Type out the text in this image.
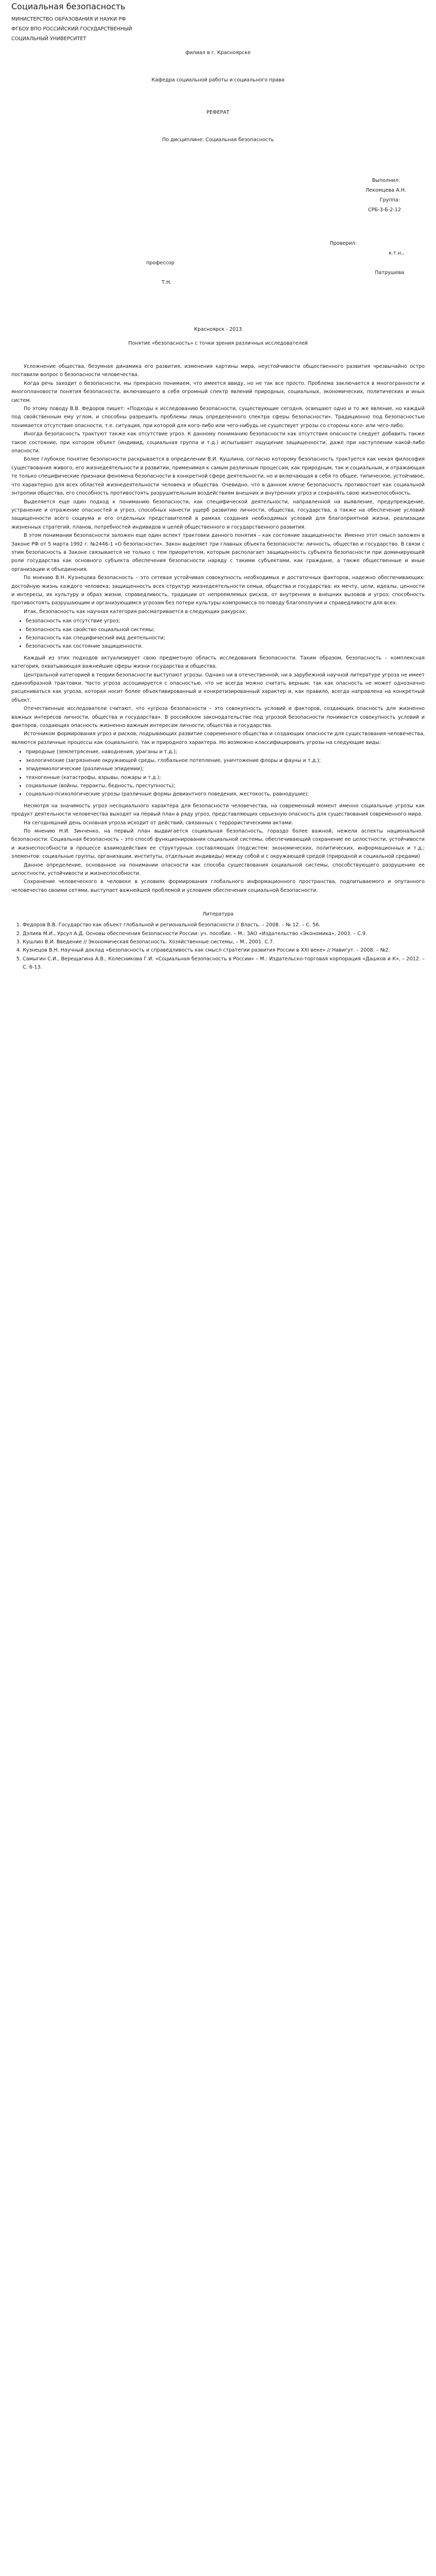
Социальная безопасность
МИНИСТЕРСТВО ОБРАЗОВАНИЯ И НАУКИ РФ
ФГБОУ ВПО РОССИЙСКИЙ ГОСУДАРСТВЕННЫЙ
СОЦИАЛЬНЫЙ УНИВЕРСИТЕТ
филиал в г. Красноярске
Кафедра социальной работы и социального права
РЕФЕРАТ
По дисциплине: Социальная безопасность
Выполнил:
Лекомцева А.Н.
Группа:
СРБ-3-Б-2-12
Проверил:
к.т.н.,
профессор
Патрушева
Т.Н.
Красноярск - 2013
Понятие «безопасность» с точки зрения различных исследователей

Усложнение общества, безумная динамика его развития, изменения картины мира, неустойчивости общественного развития чрезвычайно остро поставили вопрос о безопасности человечества.

Когда речь заходит о безопасности, мы прекрасно понимаем, что имеется ввиду, но не так все просто. Проблема заключается в многогранности и многоплановости понятия безопасности, включающего в себя огромный спектр явлений природных, социальных, экономических, политических и иных систем.

По этому поводу В.В. Федоров пишет: «Подходы к исследованию безопасности, существующие сегодня, освещают одно и то же явление, но каждый под свойственным ему углом, и способны разрешить проблемы лишь определенного спектра сферы безопасности». Традиционно под безопасностью понимается отсутствие опасности, т.е. ситуация, при которой для кого-либо или чего-нибудь не существует угрозы со стороны кого- или чего-либо.

Иногда безопасность трактуют также как отсутствие угроз. К данному пониманию безопасности как отсутствия опасности следует добавить также такое состояние, при котором объект (индивид, социальная группа и т.д.) испытывает ощущение защищенности, даже при наступлении какой-либо опасности.

Более глубокое понятие безопасности раскрывается в определении В.И. Кушлина, согласно которому безопасность трактуется как некая философия существования живого, его жизнедеятельности в развитии, применимая к самым различным процессам, как природным, так и социальным, и отражающая те только специфические признаки феномена безопасности в конкретной сфере деятельности, но и включающая в себя то общее, типическое, устойчивое, что характерно для всех областей жизнедеятельности человека и общества. Очевидно, что в данном ключе безопасность противостоит как социальной энтропии общества, его способность противостоять разрушительным воздействиям внешних и внутренних угроз и сохранять свою жизнеспособность.

Выделяется еще один подход к пониманию безопасности, как специфической деятельности, направленной на выявление, предупреждение, устранение и отражение опасностей и угроз, способных нанести ущерб развитию личности, общества, государства, а также на обеспечение условий защищенности всего социума и его отдельных представителей в рамках создания необходимых условий для благоприятной жизни, реализации жизненных стратегий, планов, потребностей индивидов и целей общественного и государственного развития.

В этом понимании безопасности заложен еще один аспект трактовки данного понятия – как состояние защищенности. Именно этот смысл заложен в Законе РФ от 5 марта 1992 г. №2446-1 «О безопасности». Закон выделяет три главных объекта безопасности: личность, общество и государство. В связи с этим безопасность в Законе связывается не только с тем приоритетом, которым располагает защищенность субъекта безопасности при доминирующей роли государства как основного субъекта обеспечения безопасности наряду с такими субъектами, как граждане, а также общественные и иные организации и объединения.

По мнению В.Н. Кузнецова безопасность – это сетевая устойчивая совокупность необходимых и достаточных факторов, надежно обеспечивающих: достойную жизнь каждого человека; защищенность всех структур жизнедеятельности семьи, общества и государства; их мечту, цели, идеалы, ценности и интересы, их культуру и образ жизни, справедливость, традиции от непреемлемых рисков, от внутренних и внешних вызовов и угроз; способность противостоять разрушающим и организующимся угрозам без потери культуры компромисса по поводу благополучия и справедливости для всех.

Итак, безопасность как научная категория рассматривается в следующих ракурсах:

• безопасность как отсутствие угроз;
• безопасность как свойство социальной системы;
• безопасность как специфический вид деятельности;
• безопасность как состояние защищенности.

Каждый из этих подходов актуализирует свою предметную область исследования безопасности. Таким образом, безопасность – комплексная категория, охватывающая важнейшие сферы жизни государства и общества.

Центральной категорией в теории безопасности выступают угрозы. Однако ни в отечественной, ни в зарубежной научной литературе угроза не имеет единообразной трактовки. Часто угроза ассоциируется с опасностью, что не всегда можно считать верным, так как опасность не может однозначно расцениваться как угроза, которая носит более объективированный и конкретизированный характер и, как правило, всегда направлена на конкретный объект.

Отечественные исследователи считают, что «угроза безопасности – это совокупность условий и факторов, создающих опасность для жизненно важных интересов личности, общества и государства». В российском законодательстве под угрозой безопасности понимается совокупность условий и факторов, создающих опасность жизненно важным интересам личности, общества и государства.

Источником формирования угроз и рисков, подрывающих развитие современного общества и создающих опасности для существования человечества, являются различные процессы как социального, так и природного характера. Но возможно классифицировать угрозы на следующие виды:

• природные (землетрясение, наводнения, ураганы и т.д.);
• экологические (загрязнение окружающей среды, глобальное потепление, уничтожение флоры и фауны и т.д.);
• эпидемиологические (различные эпидемии);
• техногенные (катастрофы, взрывы, пожары и т.д.);
• социальные (войны, терракты, бедность, преступность);
• социально-психологические угрозы (различные формы девиантного поведения, жестокость, равнодушие);

Несмотря на значимость угроз несоциального характера для безопасности человечества, на современный момент именно социальные угрозы как продукт деятельности человечества выходят на первый план в ряду угроз, представляющих серьезную опасность для существования современного мира.

На сегодняшний день основная угроза исходит от действий, связанных с террористическими актами.

По мнению Н.И. Зинченко, на первый план выдвигается социальная безопасность, гораздо более важной, нежели аспекты национальной безопасности. Социальная безопасность – это способ функционирования социальной системы, обеспечивающий сохранение ее целостности, устойчивости и жизнеспособности в процессе взаимодействия ее структурных составляющих (подсистем: экономических, политических, информационных и т.д.; элементов: социальные группы, организации, институты, отдельные индивиды) между собой и с окружающей средой (природной и социальной средами)

Данное определение, основанное на понимании опасности как способа существования социальной системы, способствующего разрушению ее целостности, устойчивости и жизнеспособности.

Сохранение человеческого в человеке в условиях формирования глобального информационного пространства, подпитываемого и опутанного человечество своими сетями, выступает важнейшей проблемой и условием обеспечения социальной безопасности.

Литература
1. Федоров В.В. Государство как объект глобальной и региональной безопасности // Власть. – 2008. – № 12. – С. 56.
2. Дзлиев М.И., Урсул А.Д. Основы обеспечения безопасности России: уч. пособие. – М.: ЗАО «Издательство «Экономика», 2003. – С.9.
3. Кушлин В.И. Введение // Экономическая безопасность. Хозяйственные системы, – М., 2001. С.7.
4. Кузнецов В.Н. Научный доклад «Безопасность и справедливость как смысл стратегии развития России в XXI веке» // Навигут. – 2008. – №2.
5. Самыгин С.И., Верещагина А.В., Колесникова Г.И. «Социальная безопасность в России» – М.: Издательско-торговая корпорация «Дашков и К», – 2012. – С. 6-13.
